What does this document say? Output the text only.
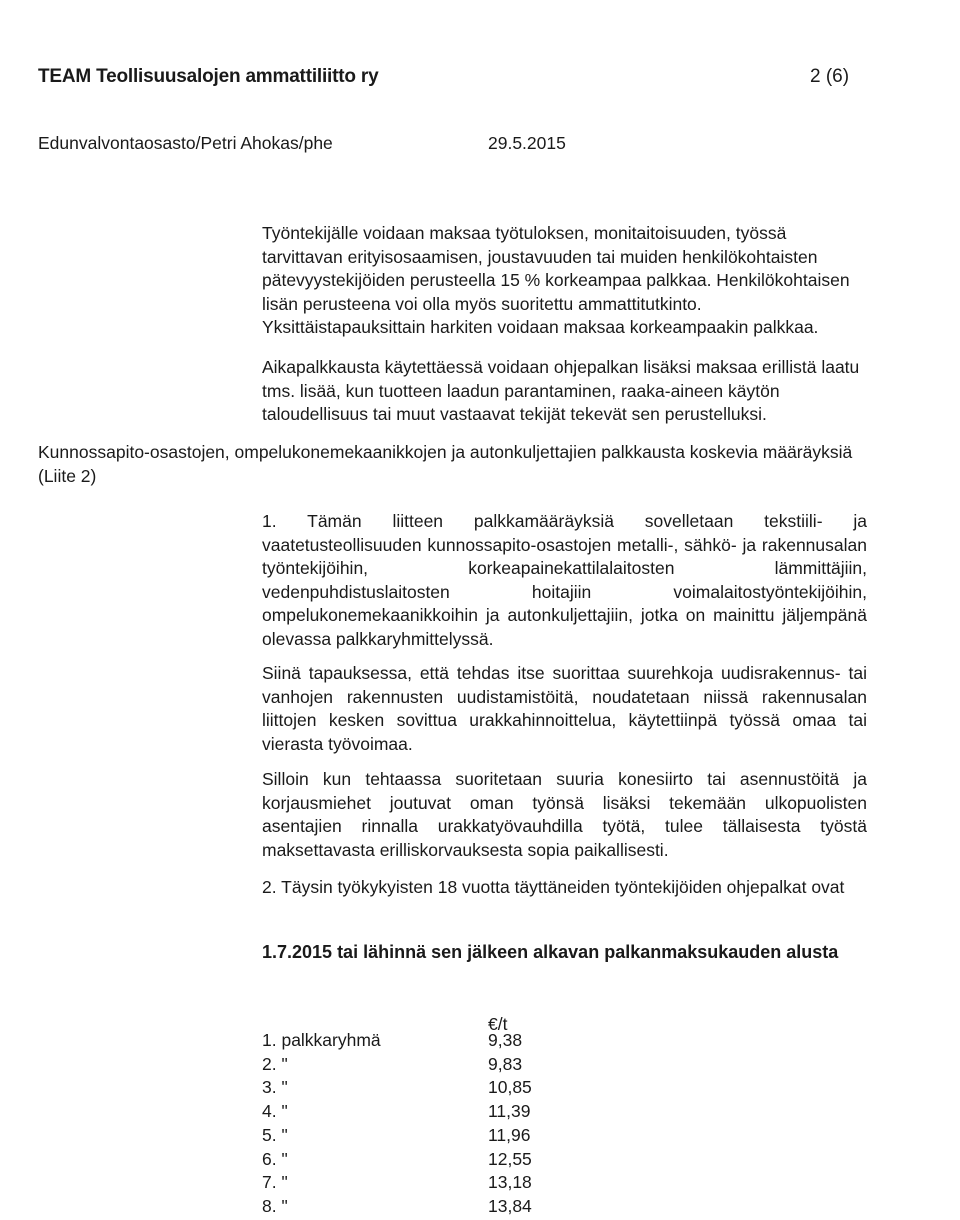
TEAM Teollisuusalojen ammattiliitto ry	2 (6)
Edunvalvontaosasto/Petri Ahokas/phe	29.5.2015

Työntekijälle voidaan maksaa työtuloksen, monitaitoisuuden, työssä tarvittavan erityisosaamisen, joustavuuden tai muiden henkilökohtaisten pätevyystekijöiden perusteella 15 % korkeampaa palkkaa. Henkilökohtaisen lisän perusteena voi olla myös suoritettu ammattitutkinto. Yksittäistapauksittain harkiten voidaan maksaa korkeampaakin palkkaa.

Aikapalkkausta käytettäessä voidaan ohjepalkan lisäksi maksaa erillistä laatu tms. lisää, kun tuotteen laadun parantaminen, raaka-aineen käytön taloudellisuus tai muut vastaavat tekijät tekevät sen perustelluksi.

Kunnossapito-osastojen, ompelukonemekaanikkojen ja autonkuljettajien palkkausta koskevia määräyksiä (Liite 2)

1. Tämän liitteen palkkamääräyksiä sovelletaan tekstiili- ja vaatetusteollisuuden kunnossapito-osastojen metalli-, sähkö- ja rakennusalan työntekijöihin, korkeapainekattilalaitosten lämmittäjiin, vedenpuhdistuslaitosten hoitajiin voimalaitostyöntekijöihin, ompelukonemekaanikkoihin ja autonkuljettajiin, jotka on mainittu jäljempänä olevassa palkkaryhmittelyssä.

Siinä tapauksessa, että tehdas itse suorittaa suurehkoja uudisrakennus- tai vanhojen rakennusten uudistamistöitä, noudatetaan niissä rakennusalan liittojen kesken sovittua urakkahinnoittelua, käytettiinpä työssä omaa tai vierasta työvoimaa.

Silloin kun tehtaassa suoritetaan suuria konesiirto tai asennustöitä ja korjausmiehet joutuvat oman työnsä lisäksi tekemään ulkopuolisten asentajien rinnalla urakkatyövauhdilla työtä, tulee tällaisesta työstä maksettavasta erilliskorvauksesta sopia paikallisesti.

2. Täysin työkykyisten 18 vuotta täyttäneiden työntekijöiden ohjepalkat ovat

1.7.2015 tai lähinnä sen jälkeen alkavan palkanmaksukauden alusta

€/t
1. palkkaryhmä	9,38
2. "	9,83
3. "	10,85
4. "	11,39
5. "	11,96
6. "	12,55
7. "	13,18
8. "	13,84
